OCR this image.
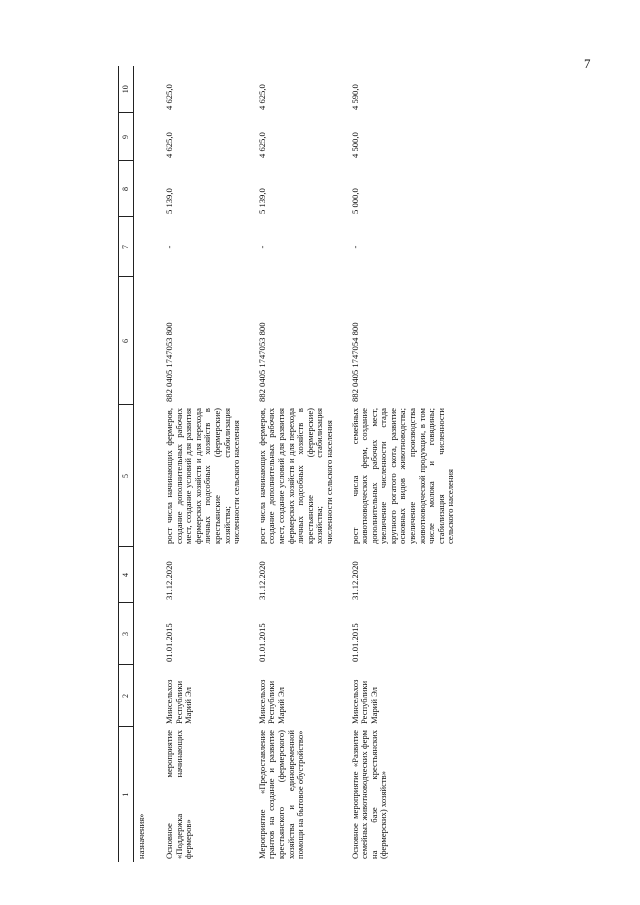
7
1	2	3	4	5	6	7	8	9	10
назначения»									
Основное мероприятие «Поддержка начинающих фермеров»	Минсельхоз Республики Марий Эл	01.01.2015	31.12.2020	рост числа начинающих фермеров, создание дополнительных рабочих мест, создание условий для развития фермерских хозяйств и для перехода личных подсобных хозяйств в крестьянские (фермерские) хозяйства; стабилизация численности сельского населения	882 0405 1747053 800	-	5 139,0	4 625,0	4 625,0
Мероприятие «Предоставление грантов на создание и развитие крестьянского (фермерского) хозяйства и единовременной помощи на бытовое обустройство»	Минсельхоз Республики Марий Эл	01.01.2015	31.12.2020	рост числа начинающих фермеров, создание дополнительных рабочих мест, создание условий для развития фермерских хозяйств и для перехода личных подсобных хозяйств в крестьянские (фермерские) хозяйства; стабилизация численности сельского населения	882 0405 1747053 800	-	5 139,0	4 625,0	4 625,0
Основное мероприятие «Развитие семейных животноводческих ферм на базе крестьянских (фермерских) хозяйств»	Минсельхоз Республики Марий Эл	01.01.2015	31.12.2020	рост числа семейных животноводческих ферм, создание дополнительных рабочих мест, увеличение численности стада крупного рогатого скота, развитие основных видов животноводства; увеличение производства животноводческой продукции, в том числе молока и говядины; стабилизация численности сельского населения	882 0405 1747054 800	-	5 000,0	4 500,0	4 590,0
